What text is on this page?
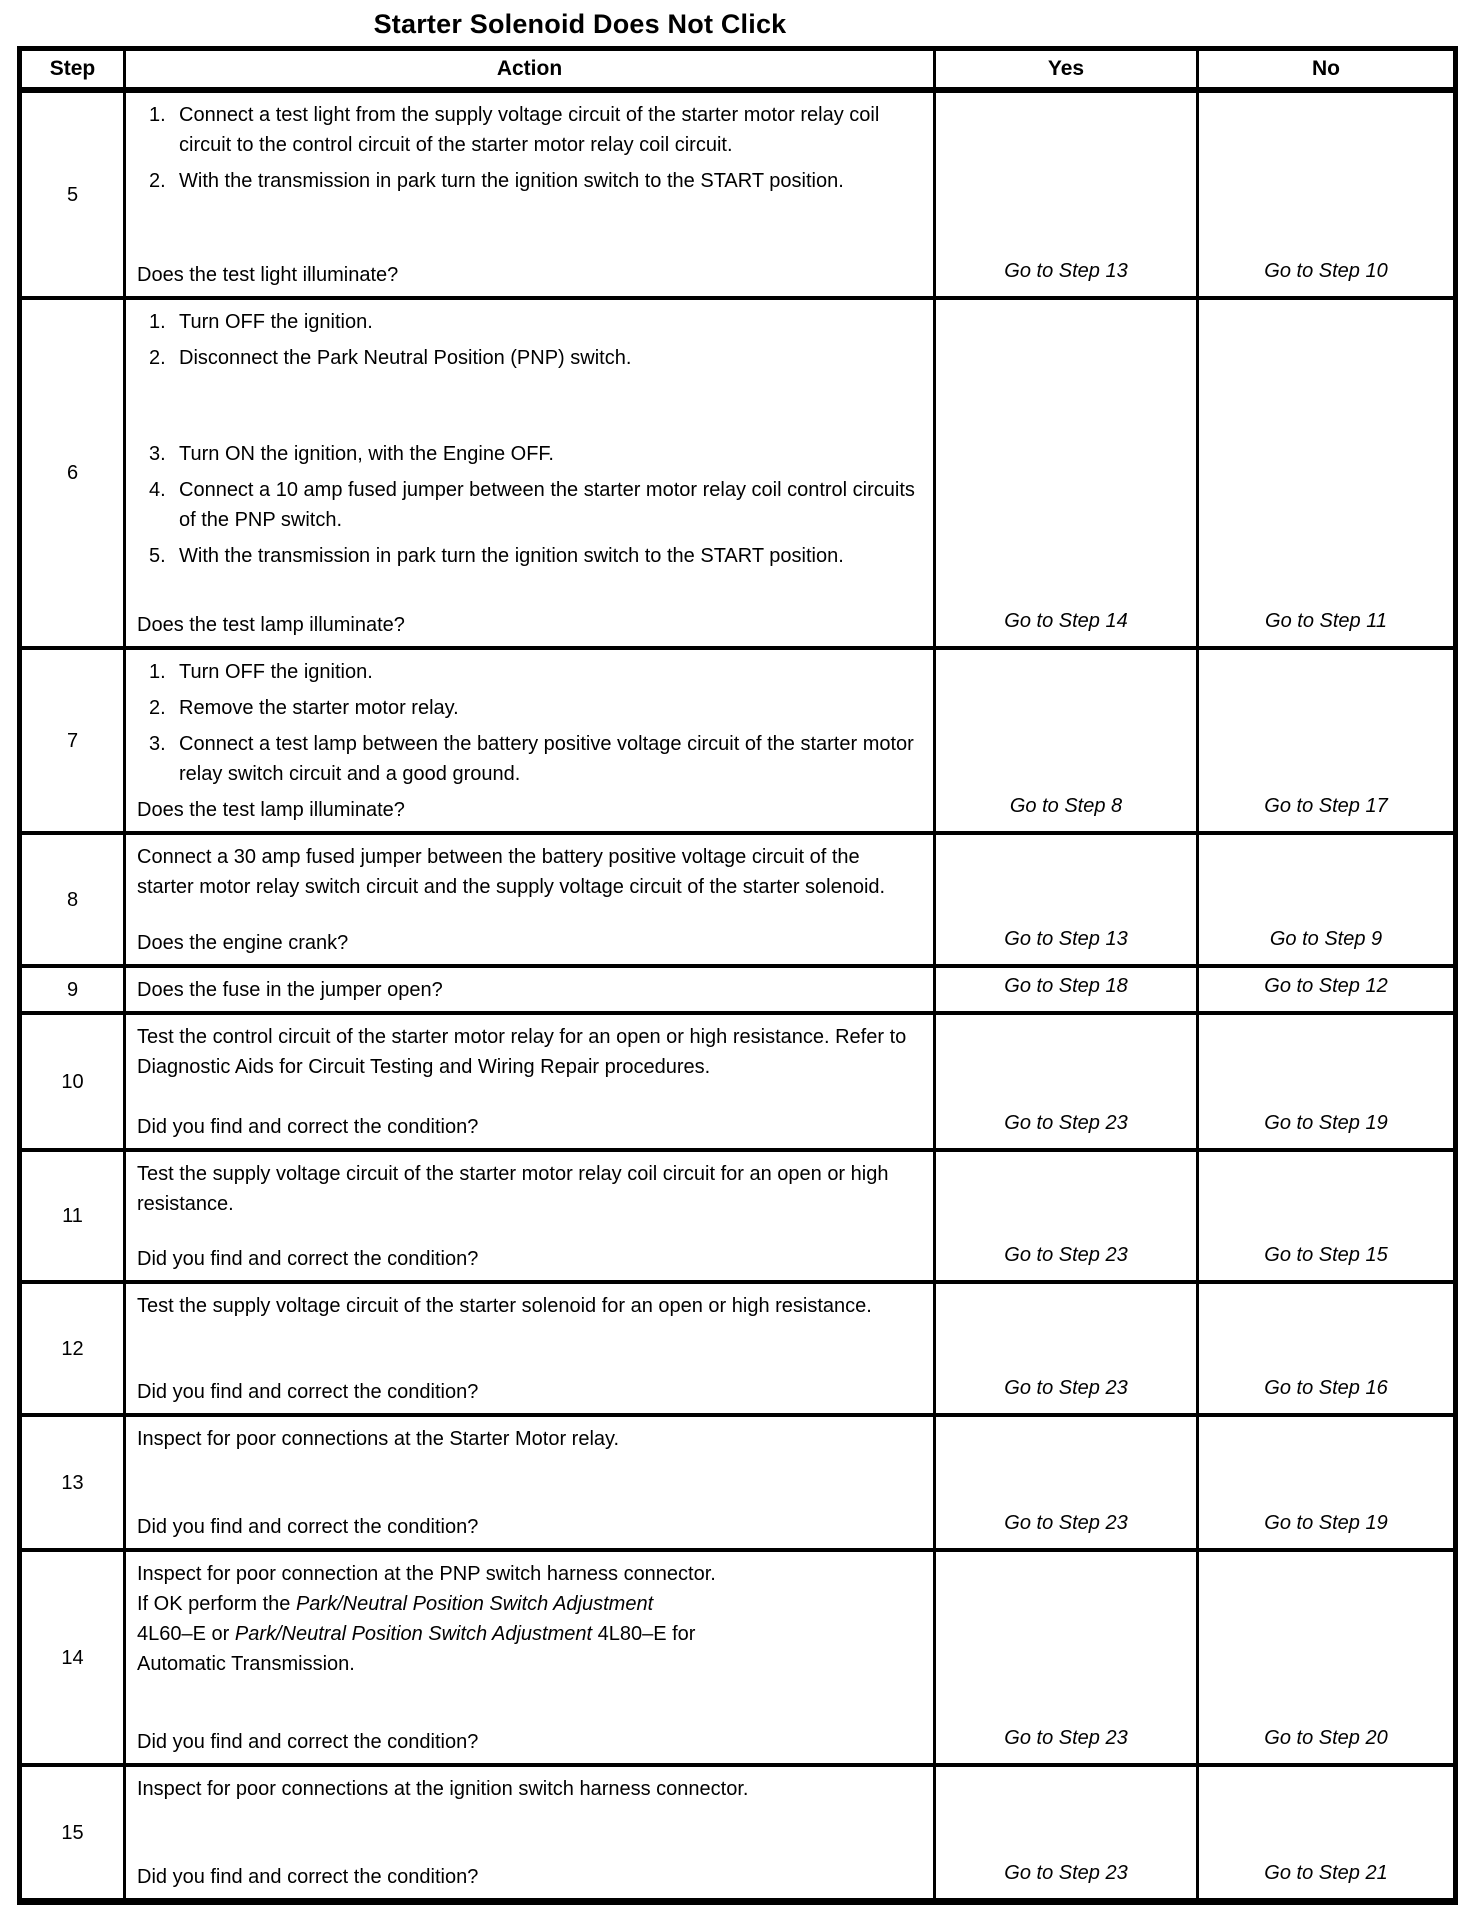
Starter Solenoid Does Not Click
Step	Action	Yes	No
5	1. Connect a test light from the supply voltage circuit of the starter motor relay coil circuit to the control circuit of the starter motor relay coil circuit.
2. With the transmission in park turn the ignition switch to the START position.
Does the test light illuminate?	Go to Step 13	Go to Step 10

6	
1. Turn OFF the ignition.
2. Disconnect the Park Neutral Position (PNP) switch.
3. Turn ON the ignition, with the Engine OFF.
4. Connect a 10 amp fused jumper between the starter motor relay coil control circuits of the PNP switch.
5. With the transmission in park turn the ignition switch to the START position.
Does the test lamp illuminate?	Go to Step 14	Go to Step 11

7	
1. Turn OFF the ignition.
2. Remove the starter motor relay.
3. Connect a test lamp between the battery positive voltage circuit of the starter motor relay switch circuit and a good ground.
Does the test lamp illuminate?	Go to Step 8	Go to Step 17

8	Connect a 30 amp fused jumper between the battery positive voltage circuit of the starter motor relay switch circuit and the supply voltage circuit of the starter solenoid.
Does the engine crank?	Go to Step 13	Go to Step 9

9	Does the fuse in the jumper open?	Go to Step 18	Go to Step 12

10	Test the control circuit of the starter motor relay for an open or high resistance. Refer to Diagnostic Aids for Circuit Testing and Wiring Repair procedures.
Did you find and correct the condition?	Go to Step 23	Go to Step 19

11	Test the supply voltage circuit of the starter motor relay coil circuit for an open or high resistance.
Did you find and correct the condition?	Go to Step 23	Go to Step 15

12	Test the supply voltage circuit of the starter solenoid for an open or high resistance.
Did you find and correct the condition?	Go to Step 23	Go to Step 16

13	Inspect for poor connections at the Starter Motor relay.
Did you find and correct the condition?	Go to Step 23	Go to Step 19

14	Inspect for poor connection at the PNP switch harness connector.
If OK perform the Park/Neutral Position Switch Adjustment
4L60–E or Park/Neutral Position Switch Adjustment 4L80–E for
Automatic Transmission.
Did you find and correct the condition?	Go to Step 23	Go to Step 20

15	Inspect for poor connections at the ignition switch harness connector.
Did you find and correct the condition?	Go to Step 23	Go to Step 21
